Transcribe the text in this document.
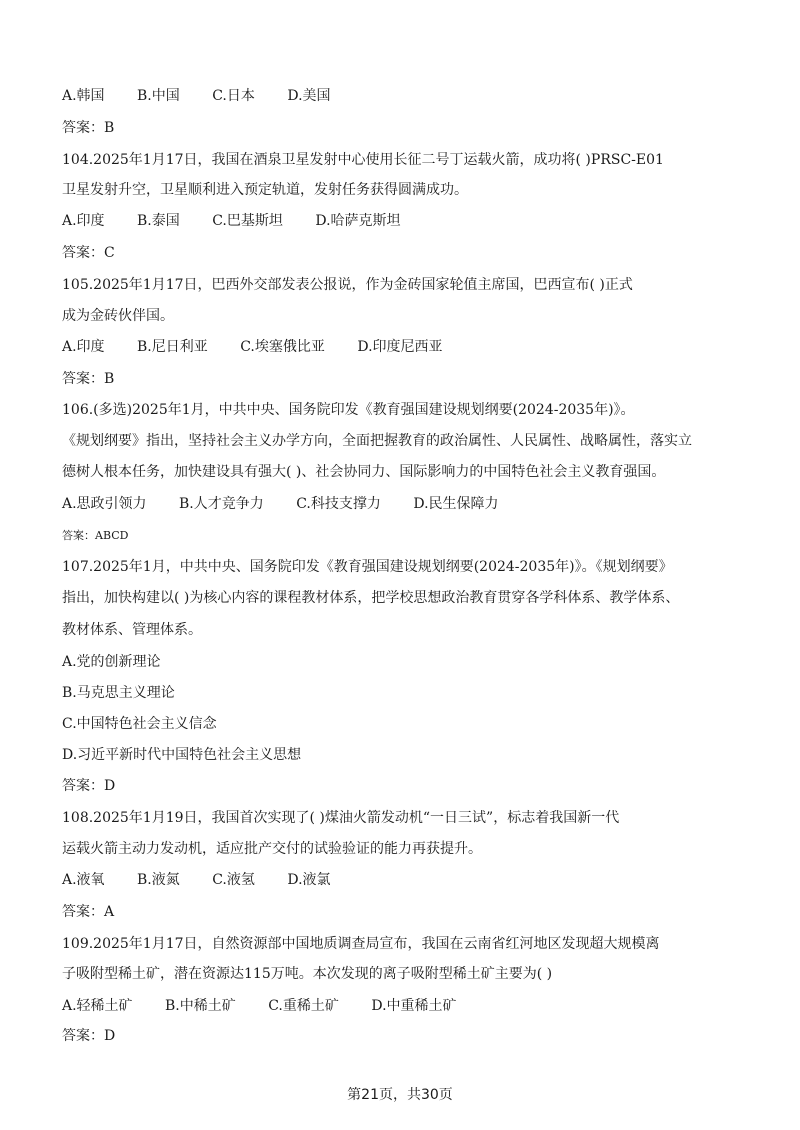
A.韩国 B.中国 C.日本 D.美国
答案：B
104.2025年1月17日，我国在酒泉卫星发射中心使用长征二号丁运载火箭，成功将( )PRSC-E01
卫星发射升空，卫星顺利进入预定轨道，发射任务获得圆满成功。
A.印度 B.泰国 C.巴基斯坦 D.哈萨克斯坦
答案：C
105.2025年1月17日，巴西外交部发表公报说，作为金砖国家轮值主席国，巴西宣布( )正式
成为金砖伙伴国。
A.印度 B.尼日利亚 C.埃塞俄比亚 D.印度尼西亚
答案：B
106.(多选)2025年1月，中共中央、国务院印发《教育强国建设规划纲要(2024-2035年)》。
《规划纲要》指出，坚持社会主义办学方向，全面把握教育的政治属性、人民属性、战略属性，落实立
德树人根本任务，加快建设具有强大( )、社会协同力、国际影响力的中国特色社会主义教育强国。
A.思政引领力 B.人才竞争力 C.科技支撑力 D.民生保障力
答案：ABCD
107.2025年1月，中共中央、国务院印发《教育强国建设规划纲要(2024-2035年)》。《规划纲要》
指出，加快构建以( )为核心内容的课程教材体系，把学校思想政治教育贯穿各学科体系、教学体系、
教材体系、管理体系。
A.党的创新理论
B.马克思主义理论
C.中国特色社会主义信念
D.习近平新时代中国特色社会主义思想
答案：D
108.2025年1月19日，我国首次实现了( )煤油火箭发动机“一日三试”，标志着我国新一代
运载火箭主动力发动机，适应批产交付的试验验证的能力再获提升。
A.液氧 B.液氮 C.液氢 D.液氯
答案：A
109.2025年1月17日，自然资源部中国地质调查局宣布，我国在云南省红河地区发现超大规模离
子吸附型稀土矿，潜在资源达115万吨。本次发现的离子吸附型稀土矿主要为( )
A.轻稀土矿 B.中稀土矿 C.重稀土矿 D.中重稀土矿
答案：D
第21页，共30页
